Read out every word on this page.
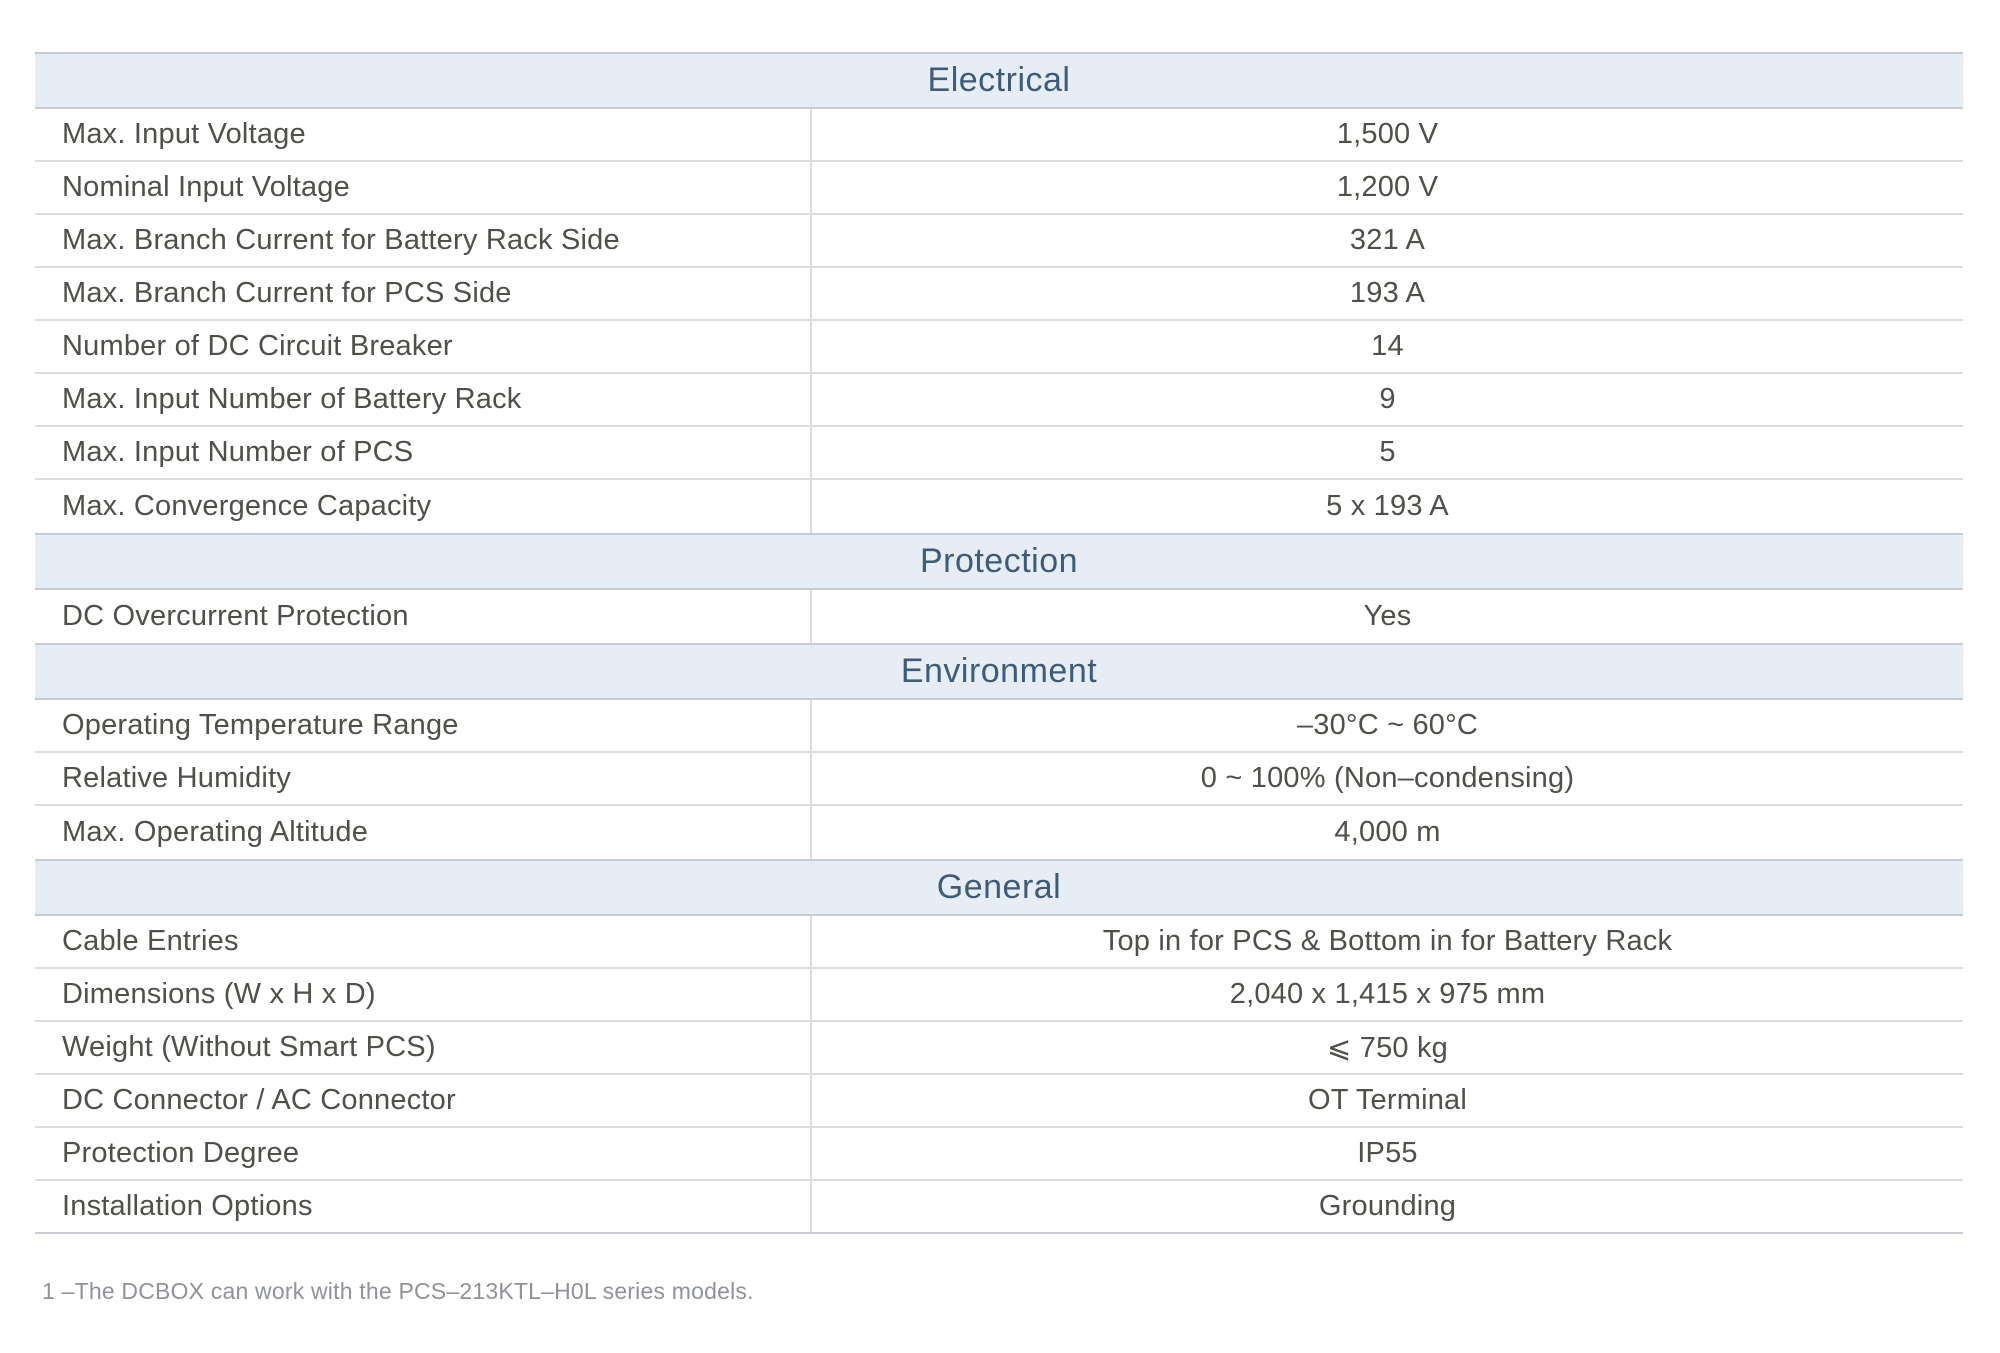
Electrical
Max. Input Voltage	1,500 V
Nominal Input Voltage	1,200 V
Max. Branch Current for Battery Rack Side	321 A
Max. Branch Current for PCS Side	193 A
Number of DC Circuit Breaker	14
Max. Input Number of Battery Rack	9
Max. Input Number of PCS	5
Max. Convergence Capacity	5 x 193 A
Protection
DC Overcurrent Protection	Yes
Environment
Operating Temperature Range	–30°C ~ 60°C
Relative Humidity	0 ~ 100% (Non–condensing)
Max. Operating Altitude	4,000 m
General
Cable Entries	Top in for PCS & Bottom in for Battery Rack
Dimensions (W x H x D)	2,040 x 1,415 x 975 mm
Weight (Without Smart PCS)	⩽ 750 kg
DC Connector / AC Connector	OT Terminal
Protection Degree	IP55
Installation Options	Grounding
1 –The DCBOX can work with the PCS–213KTL–H0L series models.
